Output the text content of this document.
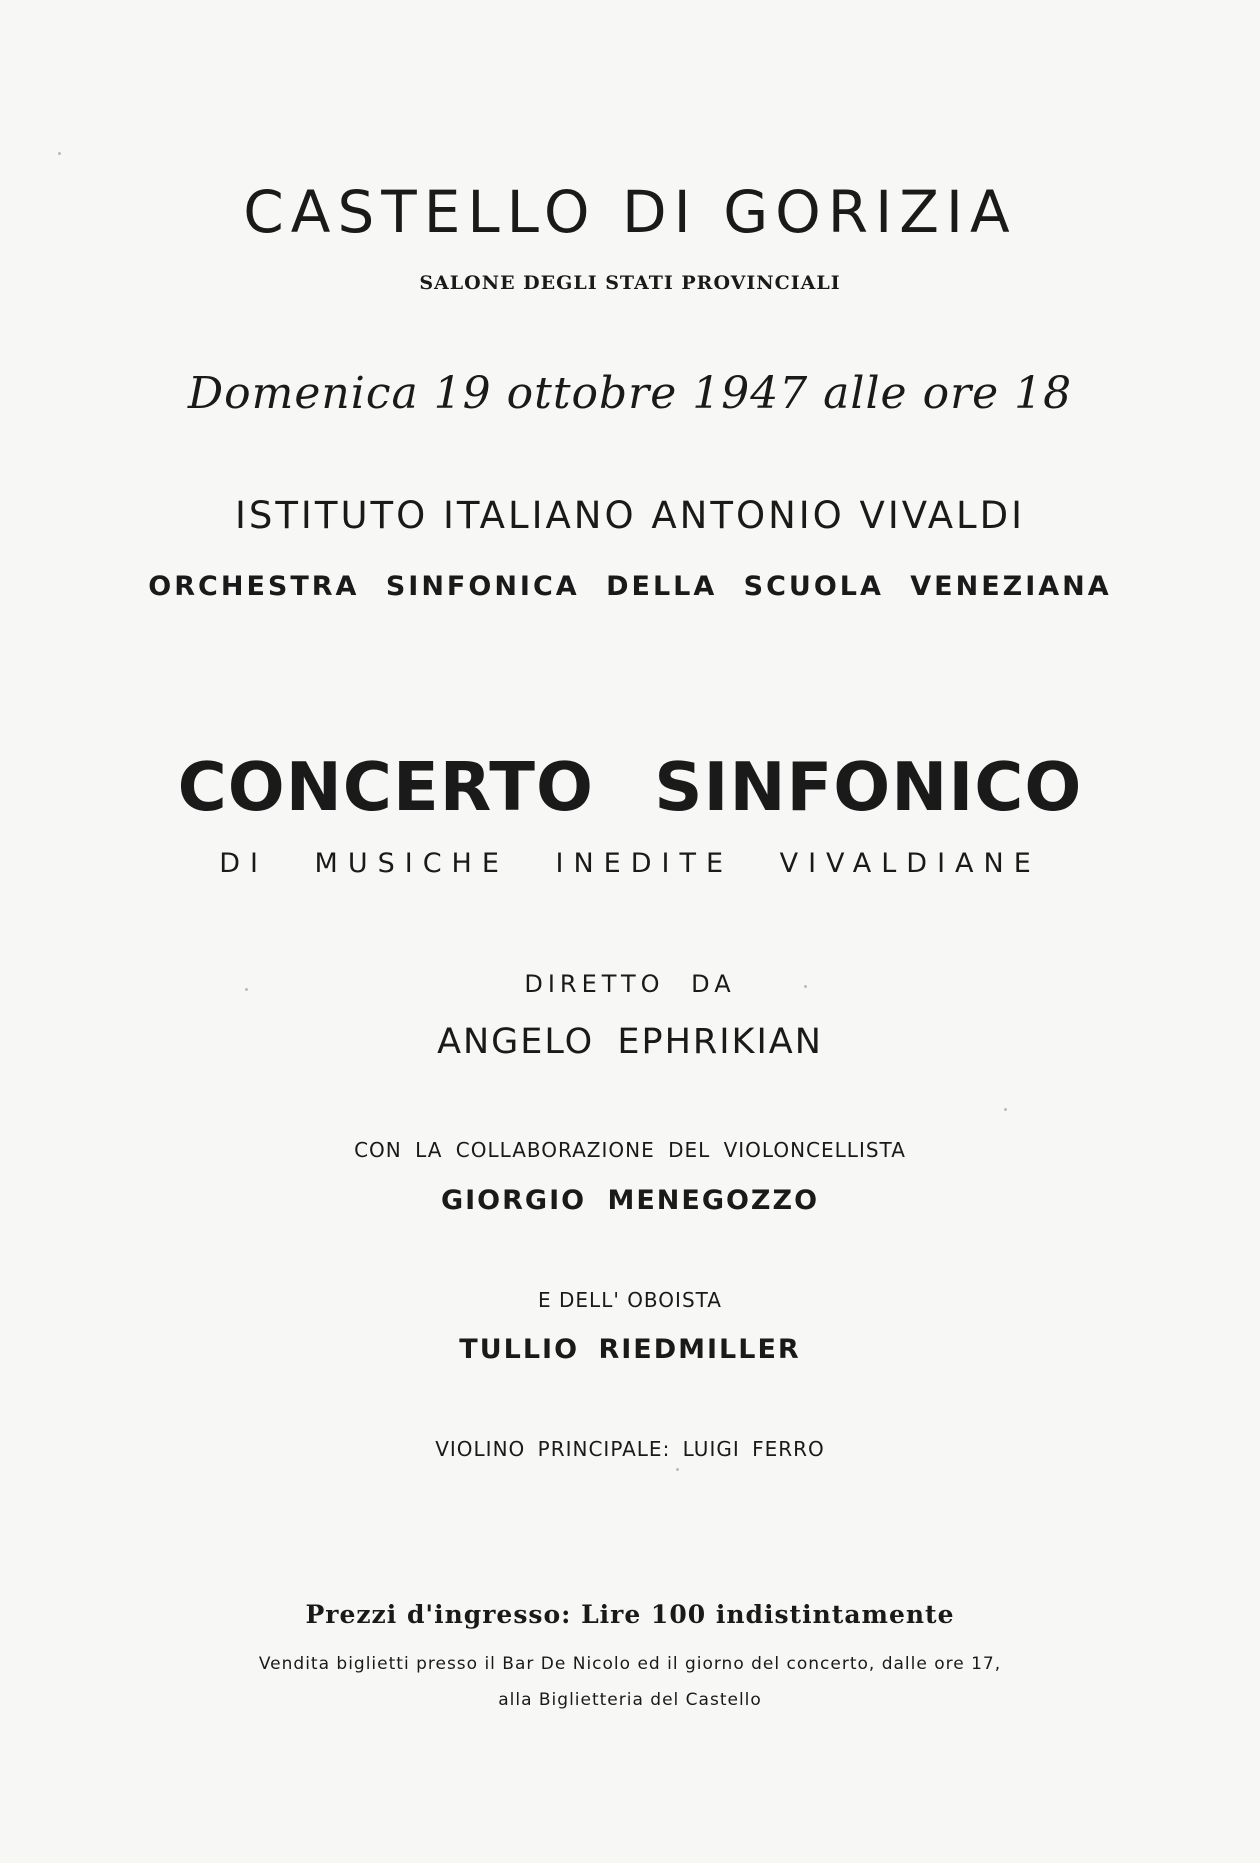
CASTELLO DI GORIZIA
SALONE DEGLI STATI PROVINCIALI
Domenica 19 ottobre 1947 alle ore 18
ISTITUTO ITALIANO ANTONIO VIVALDI
ORCHESTRA SINFONICA DELLA SCUOLA VENEZIANA
CONCERTO SINFONICO
DI MUSICHE INEDITE VIVALDIANE
DIRETTO DA
ANGELO EPHRIKIAN
CON LA COLLABORAZIONE DEL VIOLONCELLISTA
GIORGIO MENEGOZZO
E DELL' OBOISTA
TULLIO RIEDMILLER
VIOLINO PRINCIPALE: LUIGI FERRO
Prezzi d'ingresso: Lire 100 indistintamente
Vendita biglietti presso il Bar De Nicolo ed il giorno del concerto, dalle ore 17,
alla Biglietteria del Castello
